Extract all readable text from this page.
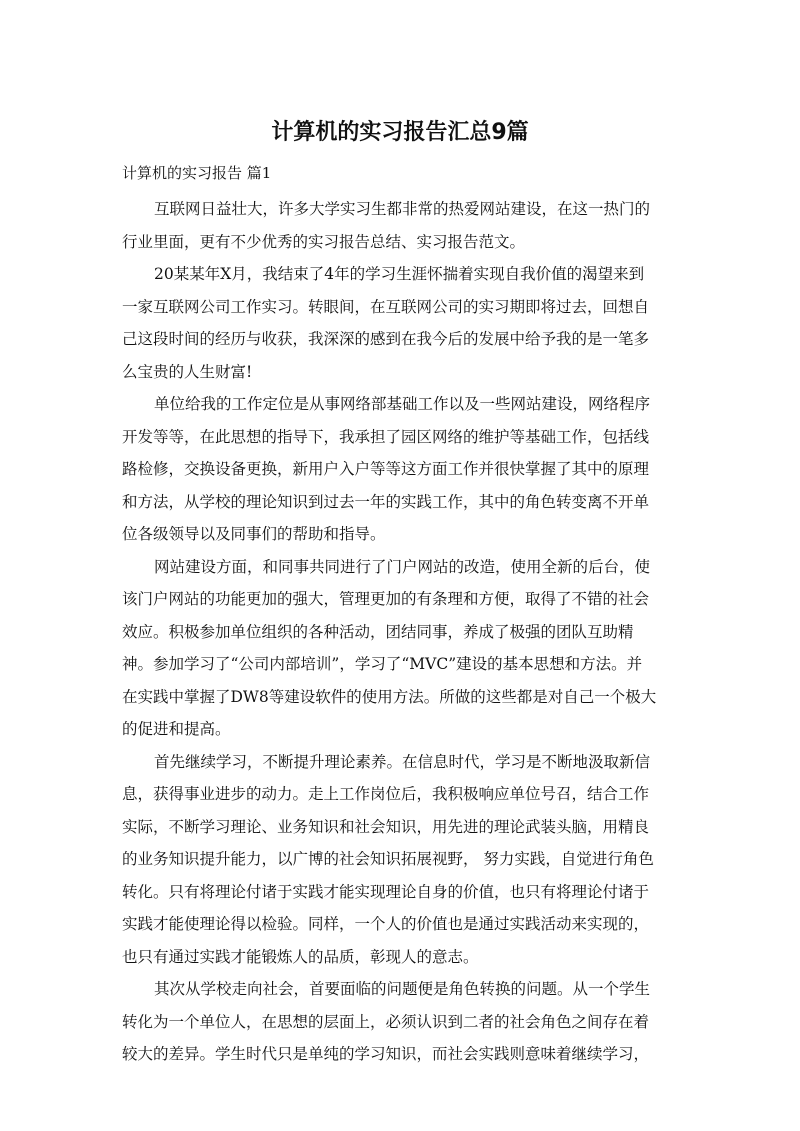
计算机的实习报告汇总9篇
计算机的实习报告 篇1
互联网日益壮大，许多大学实习生都非常的热爱网站建设，在这一热门的
行业里面，更有不少优秀的实习报告总结、实习报告范文。
20某某年X月，我结束了4年的学习生涯怀揣着实现自我价值的渴望来到
一家互联网公司工作实习。转眼间，在互联网公司的实习期即将过去，回想自
己这段时间的经历与收获，我深深的感到在我今后的发展中给予我的是一笔多
么宝贵的人生财富!
单位给我的工作定位是从事网络部基础工作以及一些网站建设，网络程序
开发等等，在此思想的指导下，我承担了园区网络的维护等基础工作，包括线
路检修，交换设备更换，新用户入户等等这方面工作并很快掌握了其中的原理
和方法，从学校的理论知识到过去一年的实践工作，其中的角色转变离不开单
位各级领导以及同事们的帮助和指导。
网站建设方面，和同事共同进行了门户网站的改造，使用全新的后台，使
该门户网站的功能更加的强大，管理更加的有条理和方便，取得了不错的社会
效应。积极参加单位组织的各种活动，团结同事，养成了极强的团队互助精
神。参加学习了“公司内部培训”，学习了“MVC”建设的基本思想和方法。并
在实践中掌握了DW8等建设软件的使用方法。所做的这些都是对自己一个极大
的促进和提高。
首先继续学习，不断提升理论素养。在信息时代，学习是不断地汲取新信
息，获得事业进步的动力。走上工作岗位后，我积极响应单位号召，结合工作
实际，不断学习理论、业务知识和社会知识，用先进的理论武装头脑，用精良
的业务知识提升能力，以广博的社会知识拓展视野， 努力实践，自觉进行角色
转化。只有将理论付诸于实践才能实现理论自身的价值，也只有将理论付诸于
实践才能使理论得以检验。同样，一个人的价值也是通过实践活动来实现的，
也只有通过实践才能锻炼人的品质，彰现人的意志。
其次从学校走向社会，首要面临的问题便是角色转换的问题。从一个学生
转化为一个单位人，在思想的层面上，必须认识到二者的社会角色之间存在着
较大的差异。学生时代只是单纯的学习知识，而社会实践则意味着继续学习，
